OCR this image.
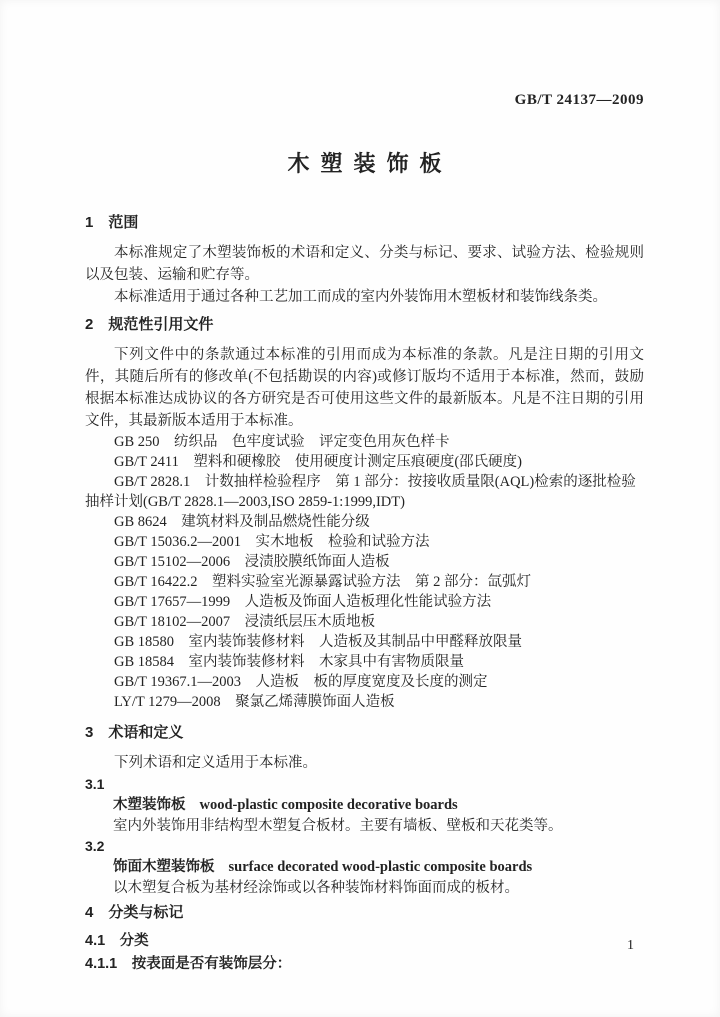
GB/T 24137—2009
木塑装饰板
1　范围

本标准规定了木塑装饰板的术语和定义、分类与标记、要求、试验方法、检验规则以及包装、运输和贮存等。

本标准适用于通过各种工艺加工而成的室内外装饰用木塑板材和装饰线条类。

2　规范性引用文件

下列文件中的条款通过本标准的引用而成为本标准的条款。凡是注日期的引用文件，其随后所有的修改单(不包括勘误的内容)或修订版均不适用于本标准，然而，鼓励根据本标准达成协议的各方研究是否可使用这些文件的最新版本。凡是不注日期的引用文件，其最新版本适用于本标准。

GB 250　纺织品　色牢度试验　评定变色用灰色样卡

GB/T 2411　塑料和硬橡胶　使用硬度计测定压痕硬度(邵氏硬度)

GB/T 2828.1　计数抽样检验程序　第 1 部分：按接收质量限(AQL)检索的逐批检验抽样计划(GB/T 2828.1—2003,ISO 2859-1:1999,IDT)

GB 8624　建筑材料及制品燃烧性能分级

GB/T 15036.2—2001　实木地板　检验和试验方法

GB/T 15102—2006　浸渍胶膜纸饰面人造板

GB/T 16422.2　塑料实验室光源暴露试验方法　第 2 部分：氙弧灯

GB/T 17657—1999　人造板及饰面人造板理化性能试验方法

GB/T 18102—2007　浸渍纸层压木质地板

GB 18580　室内装饰装修材料　人造板及其制品中甲醛释放限量

GB 18584　室内装饰装修材料　木家具中有害物质限量

GB/T 19367.1—2003　人造板　板的厚度宽度及长度的测定

LY/T 1279—2008　聚氯乙烯薄膜饰面人造板

3　术语和定义

下列术语和定义适用于本标准。

3.1

木塑装饰板 wood-plastic composite decorative boards

室内外装饰用非结构型木塑复合板材。主要有墙板、壁板和天花类等。

3.2

饰面木塑装饰板 surface decorated wood-plastic composite boards

以木塑复合板为基材经涂饰或以各种装饰材料饰面而成的板材。

4　分类与标记

4.1　分类

4.1.1　按表面是否有装饰层分：

1
